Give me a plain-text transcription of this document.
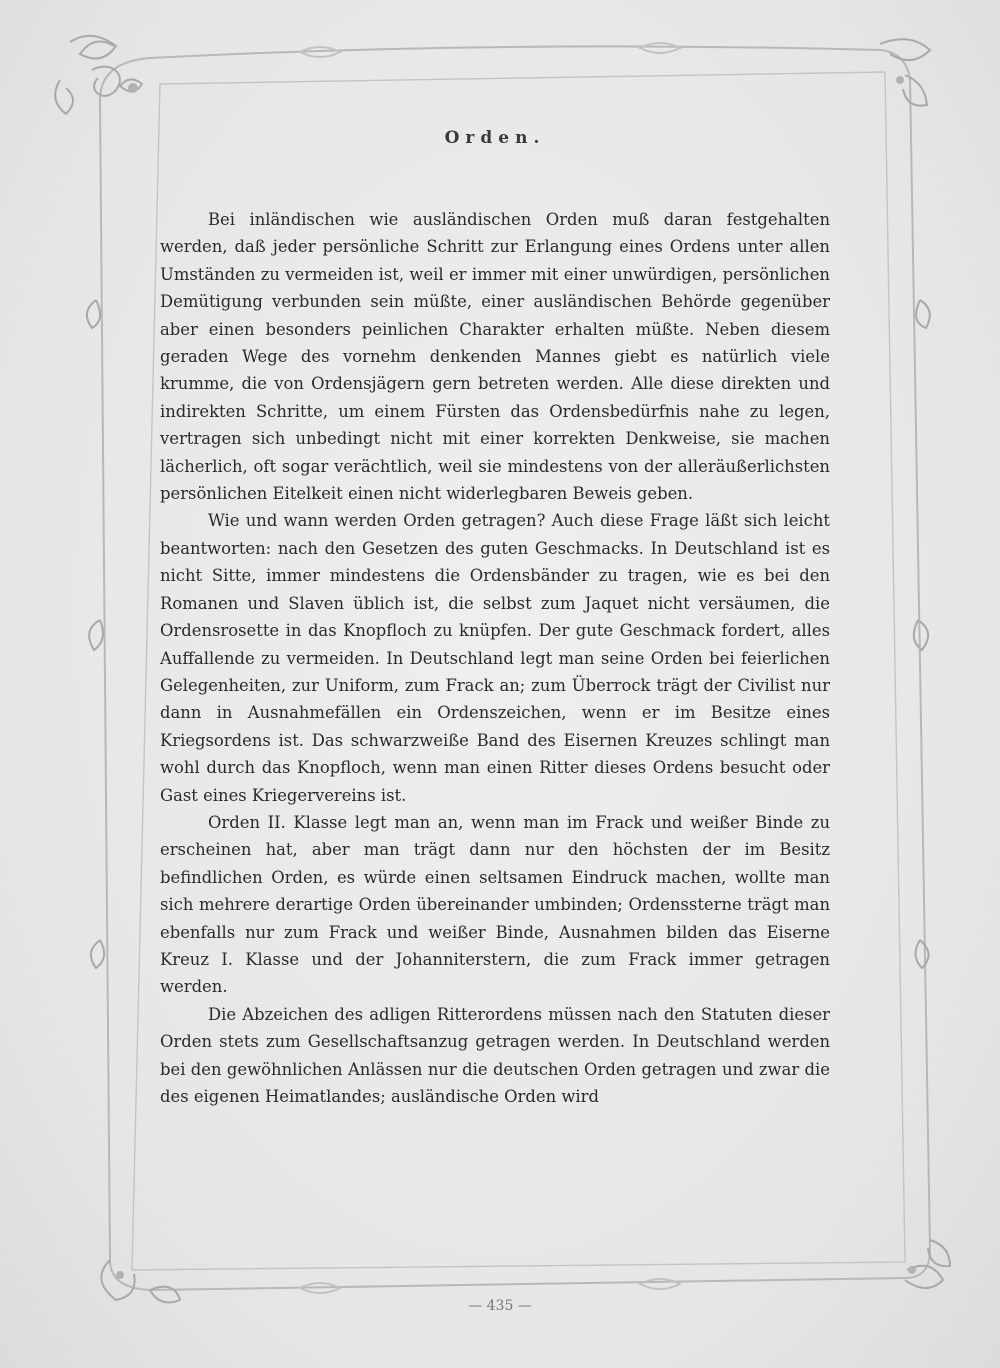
Orden.

Bei inländischen wie ausländischen Orden muß daran festgehalten werden, daß jeder persönliche Schritt zur Erlangung eines Ordens unter allen Umständen zu vermeiden ist, weil er immer mit einer unwürdigen, persönlichen Demütigung verbunden sein müßte, einer ausländischen Behörde gegenüber aber einen besonders peinlichen Charakter erhalten müßte. Neben diesem geraden Wege des vornehm denkenden Mannes giebt es natürlich viele krumme, die von Ordensjägern gern betreten werden. Alle diese direkten und indirekten Schritte, um einem Fürsten das Ordensbedürfnis nahe zu legen, vertragen sich unbedingt nicht mit einer korrekten Denkweise, sie machen lächerlich, oft sogar verächtlich, weil sie mindestens von der alleräußerlichsten persönlichen Eitelkeit einen nicht widerlegbaren Beweis geben.

Wie und wann werden Orden getragen? Auch diese Frage läßt sich leicht beantworten: nach den Gesetzen des guten Geschmacks. In Deutschland ist es nicht Sitte, immer mindestens die Ordensbänder zu tragen, wie es bei den Romanen und Slaven üblich ist, die selbst zum Jaquet nicht versäumen, die Ordensrosette in das Knopfloch zu knüpfen. Der gute Geschmack fordert, alles Auffallende zu vermeiden. In Deutschland legt man seine Orden bei feierlichen Gelegenheiten, zur Uniform, zum Frack an; zum Überrock trägt der Civilist nur dann in Ausnahmefällen ein Ordenszeichen, wenn er im Besitze eines Kriegsordens ist. Das schwarzweiße Band des Eisernen Kreuzes schlingt man wohl durch das Knopfloch, wenn man einen Ritter dieses Ordens besucht oder Gast eines Kriegervereins ist.

Orden II. Klasse legt man an, wenn man im Frack und weißer Binde zu erscheinen hat, aber man trägt dann nur den höchsten der im Besitz befindlichen Orden, es würde einen seltsamen Eindruck machen, wollte man sich mehrere derartige Orden übereinander umbinden; Ordenssterne trägt man ebenfalls nur zum Frack und weißer Binde, Ausnahmen bilden das Eiserne Kreuz I. Klasse und der Johanniterstern, die zum Frack immer getragen werden.

Die Abzeichen des adligen Ritterordens müssen nach den Statuten dieser Orden stets zum Gesellschaftsanzug getragen werden. In Deutschland werden bei den gewöhnlichen Anlässen nur die deutschen Orden getragen und zwar die des eigenen Heimatlandes; ausländische Orden wird

— 435 —
